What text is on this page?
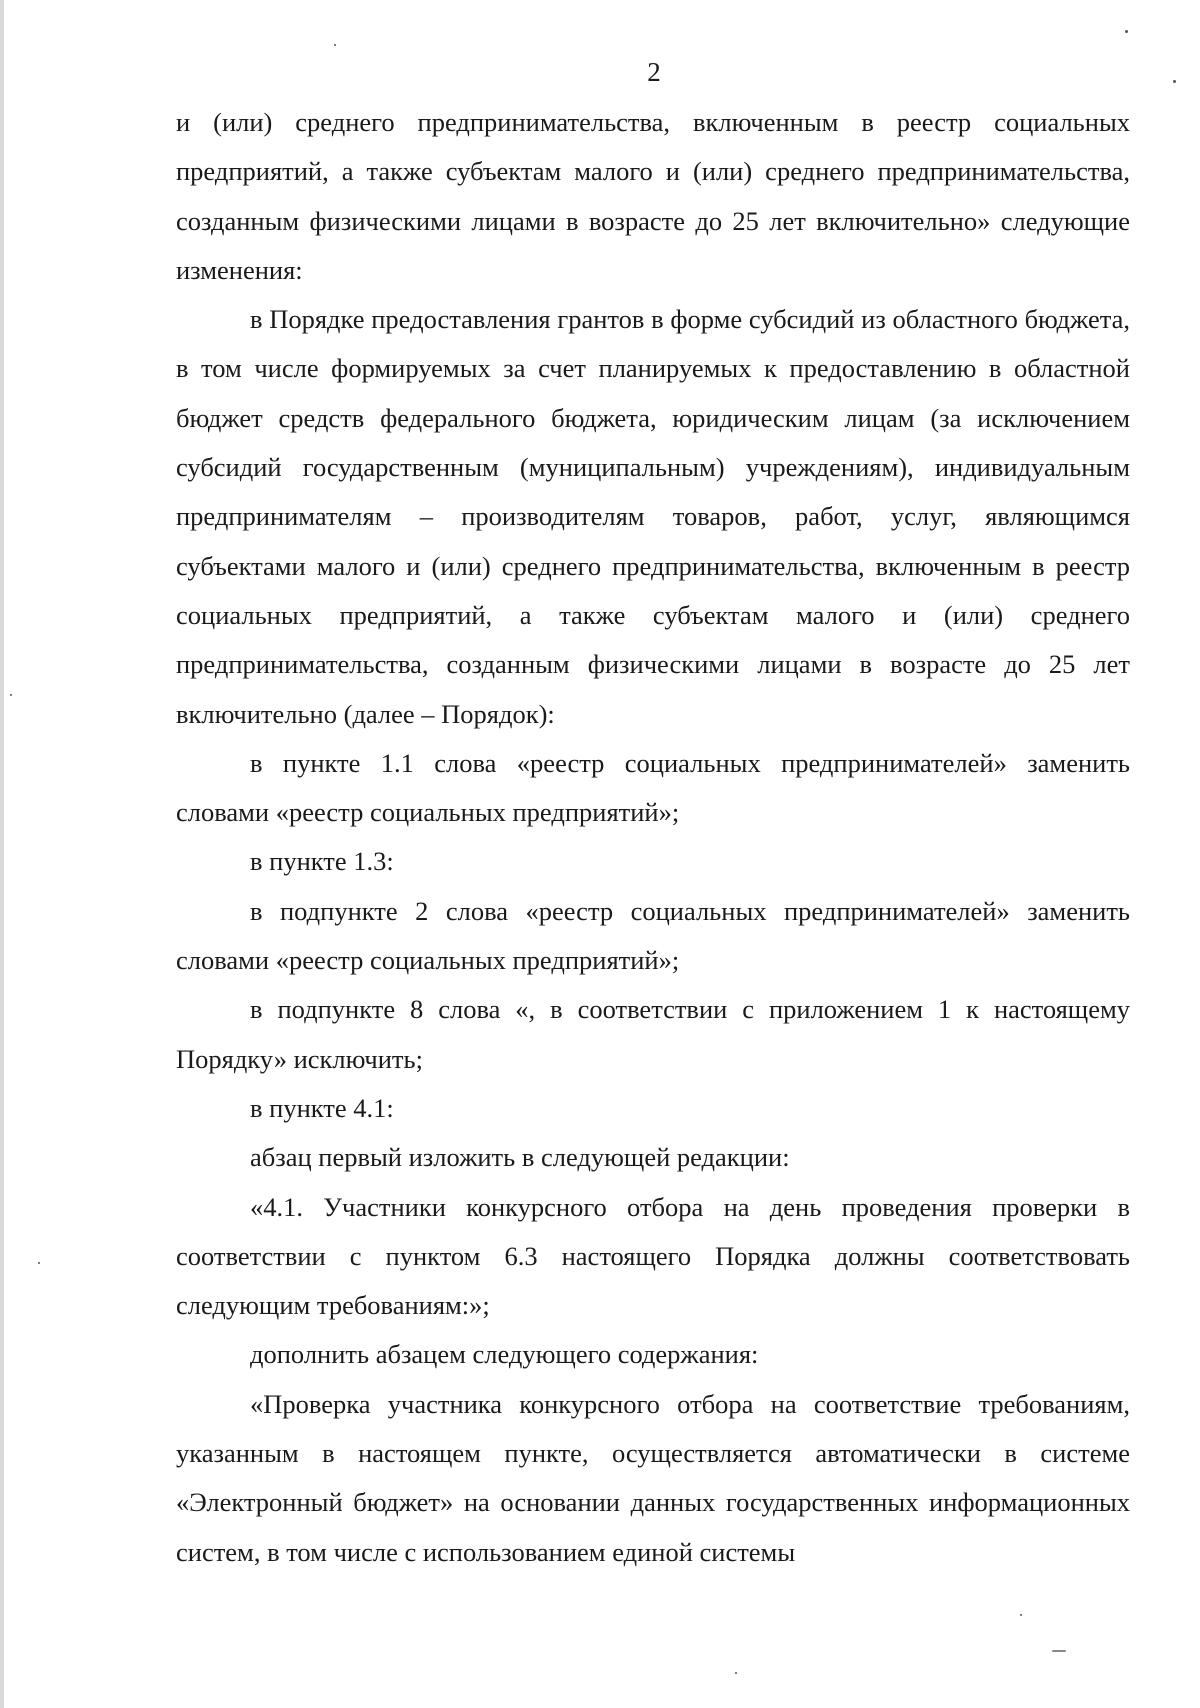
2

и (или) среднего предпринимательства, включенным в реестр социальных предприятий, а также субъектам малого и (или) среднего предпринимательства, созданным физическими лицами в возрасте до 25 лет включительно» следующие изменения:

в Порядке предоставления грантов в форме субсидий из областного бюджета, в том числе формируемых за счет планируемых к предоставлению в областной бюджет средств федерального бюджета, юридическим лицам (за исключением субсидий государственным (муниципальным) учреждениям), индивидуальным предпринимателям – производителям товаров, работ, услуг, являющимся субъектами малого и (или) среднего предпринимательства, включенным в реестр социальных предприятий, а также субъектам малого и (или) среднего предпринимательства, созданным физическими лицами в возрасте до 25 лет включительно (далее – Порядок):

в пункте 1.1 слова «реестр социальных предпринимателей» заменить словами «реестр социальных предприятий»;

в пункте 1.3:

в подпункте 2 слова «реестр социальных предпринимателей» заменить словами «реестр социальных предприятий»;

в подпункте 8 слова «, в соответствии с приложением 1 к настоящему Порядку» исключить;

в пункте 4.1:

абзац первый изложить в следующей редакции:

«4.1. Участники конкурсного отбора на день проведения проверки в соответствии с пунктом 6.3 настоящего Порядка должны соответствовать следующим требованиям:»;

дополнить абзацем следующего содержания:

«Проверка участника конкурсного отбора на соответствие требованиям, указанным в настоящем пункте, осуществляется автоматически в системе «Электронный бюджет» на основании данных государственных информационных систем, в том числе с использованием единой системы
